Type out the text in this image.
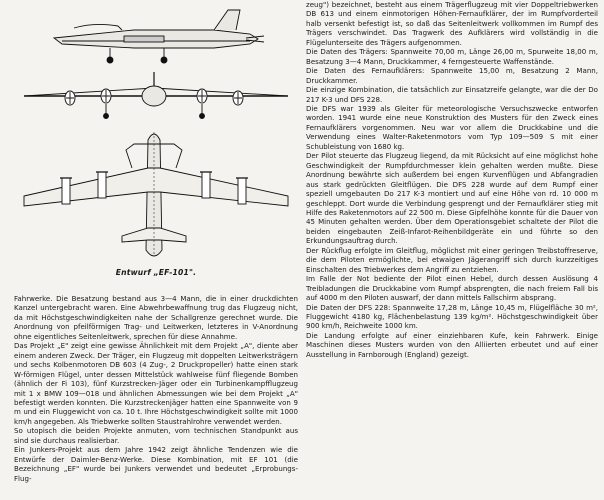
Entwurf „EF-101".

Fahrwerke. Die Besatzung bestand aus 3—4 Mann, die in einer druckdichten Kanzel untergebracht waren. Eine Abwehrbewaffnung trug das Flugzeug nicht, da mit Höchstgeschwindigkeiten nahe der Schallgrenze gerechnet wurde. Die Anordnung von pfeilförmigen Trag- und Leitwerken, letzteres in V-Anordnung ohne eigentliches Seitenleitwerk, sprechen für diese Annahme.

Das Projekt „E" zeigt eine gewisse Ähnlichkeit mit dem Projekt „A", diente aber einem anderen Zweck. Der Träger, ein Flugzeug mit doppelten Leitwerksträgern und sechs Kolbenmotoren DB 603 (4 Zug-, 2 Druckpropeller) hatte einen stark W-förmigen Flügel, unter dessen Mittelstück wahlweise fünf fliegende Bomben (ähnlich der Fi 103), fünf Kurzstrecken-Jäger oder ein Turbinenkampfflugzeug mit 1 x BMW 109—018 und ähnlichen Abmessungen wie bei dem Projekt „A" befestigt werden konnten. Die Kurzstreckenjäger hatten eine Spannweite von 9 m und ein Fluggewicht von ca. 10 t. Ihre Höchstgeschwindigkeit sollte mit 1000 km/h angegeben. Als Triebwerke sollten Staustrahlrohre verwendet werden.

So utopisch die beiden Projekte anmuten, vom technischen Standpunkt aus sind sie durchaus realisierbar.

Ein Junkers-Projekt aus dem Jahre 1942 zeigt ähnliche Tendenzen wie die Entwürfe der Daimler-Benz-Werke. Diese Kombination, mit EF 101 (die Bezeichnung „EF" wurde bei Junkers verwendet und bedeutet „Erprobungs-Flug-

zeug") bezeichnet, besteht aus einem Trägerflugzeug mit vier Doppeltriebwerken DB 613 und einem einmotorigen Höhen-Fernaufklärer, der im Rumpfvorderteil halb versenkt befestigt ist, so daß das Seitenleitwerk vollkommen im Rumpf des Trägers verschwindet. Das Tragwerk des Aufklärers wird vollständig in die Flügelunterseite des Trägers aufgenommen.

Die Daten des Trägers: Spannweite 70,00 m, Länge 26,00 m, Spurweite 18,00 m, Besatzung 3—4 Mann, Druckkammer, 4 ferngesteuerte Waffenstände.

Die Daten des Fernaufklärers: Spannweite 15,00 m, Besatzung 2 Mann, Druckkammer.

Die einzige Kombination, die tatsächlich zur Einsatzreife gelangte, war die der Do 217 K-3 und DFS 228.

Die DFS war 1939 als Gleiter für meteorologische Versuchszwecke entworfen worden. 1941 wurde eine neue Konstruktion des Musters für den Zweck eines Fernaufklärers vorgenommen. Neu war vor allem die Druckkabine und die Verwendung eines Walter-Raketenmotors vom Typ 109—509 S mit einer Schubleistung von 1680 kg.

Der Pilot steuerte das Flugzeug liegend, da mit Rücksicht auf eine möglichst hohe Geschwindigkeit der Rumpfdurchmesser klein gehalten werden mußte. Diese Anordnung bewährte sich außerdem bei engen Kurvenflügen und Abfangradien aus stark gedrückten Gleitflügen. Die DFS 228 wurde auf dem Rumpf einer speziell umgebauten Do 217 K-3 montiert und auf eine Höhe von rd. 10 000 m geschleppt. Dort wurde die Verbindung gesprengt und der Fernaufklärer stieg mit Hilfe des Raketenmotors auf 22 500 m. Diese Gipfelhöhe konnte für die Dauer von 45 Minuten gehalten werden. Über dem Operationsgebiet schaltete der Pilot die beiden eingebauten Zeiß-Infarot-Reihenbildgeräte ein und führte so den Erkundungsauftrag durch.

Der Rückflug erfolgte im Gleitflug, möglichst mit einer geringen Treibstoffreserve, die dem Piloten ermöglichte, bei etwaigen Jägerangriff sich durch kurzzeitiges Einschalten des Triebwerkes dem Angriff zu entziehen.

Im Falle der Not bediente der Pilot einen Hebel, durch dessen Auslösung 4 Treibladungen die Druckkabine vom Rumpf absprengten, die nach freiem Fall bis auf 4000 m den Piloten auswarf, der dann mittels Fallschirm absprang.

Die Daten der DFS 228: Spannweite 17,28 m, Länge 10,45 m, Flügelfläche 30 m², Fluggewicht 4180 kg, Flächenbelastung 139 kg/m². Höchstgeschwindigkeit über 900 km/h, Reichweite 1000 km.

Die Landung erfolgte auf einer einziehbaren Kufe, kein Fahrwerk. Einige Maschinen dieses Musters wurden von den Alliierten erbeutet und auf einer Ausstellung in Farnborough (England) gezeigt.
